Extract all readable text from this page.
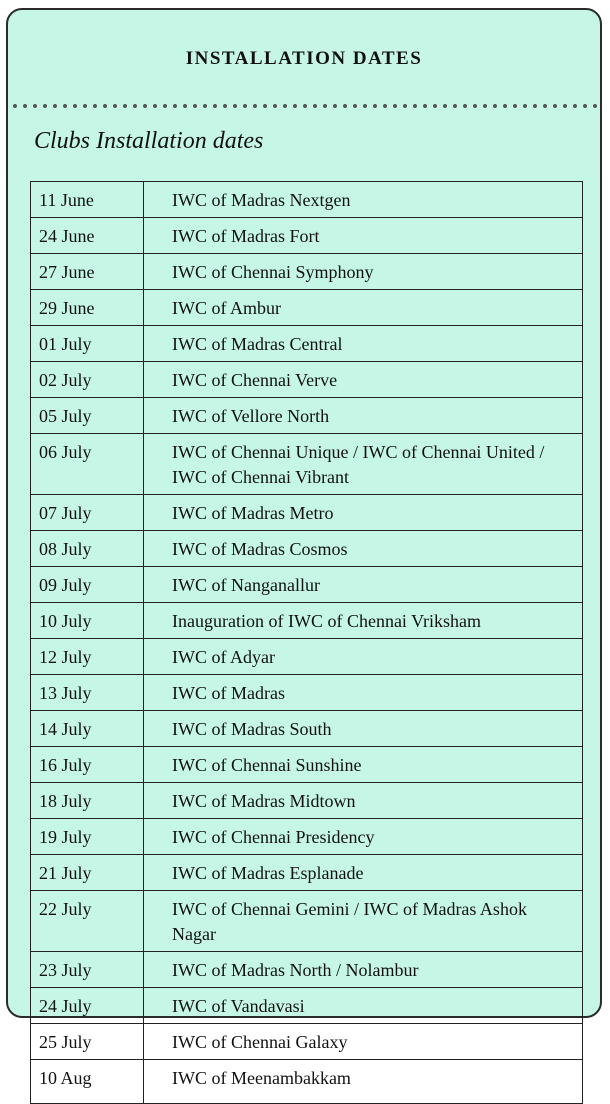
INSTALLATION DATES
Clubs Installation dates
11 June	IWC of Madras Nextgen
24 June	IWC of Madras Fort
27 June	IWC of Chennai Symphony
29 June	IWC of Ambur
01 July	IWC of Madras Central
02 July	IWC of Chennai Verve
05 July	IWC of Vellore North
06 July	IWC of Chennai Unique / IWC of Chennai United / IWC of Chennai Vibrant
07 July	IWC of Madras Metro
08 July	IWC of Madras Cosmos
09 July	IWC of Nanganallur
10 July	Inauguration of IWC of Chennai Vriksham
12 July	IWC of Adyar
13 July	IWC of Madras
14 July	IWC of Madras South
16 July	IWC of Chennai Sunshine
18 July	IWC of Madras Midtown
19 July	IWC of Chennai Presidency
21 July	IWC of Madras Esplanade
22 July	IWC of Chennai Gemini / IWC of Madras Ashok Nagar
23 July	IWC of Madras North / Nolambur
24 July	IWC of Vandavasi
25 July	IWC of Chennai Galaxy
10 Aug	IWC of Meenambakkam
